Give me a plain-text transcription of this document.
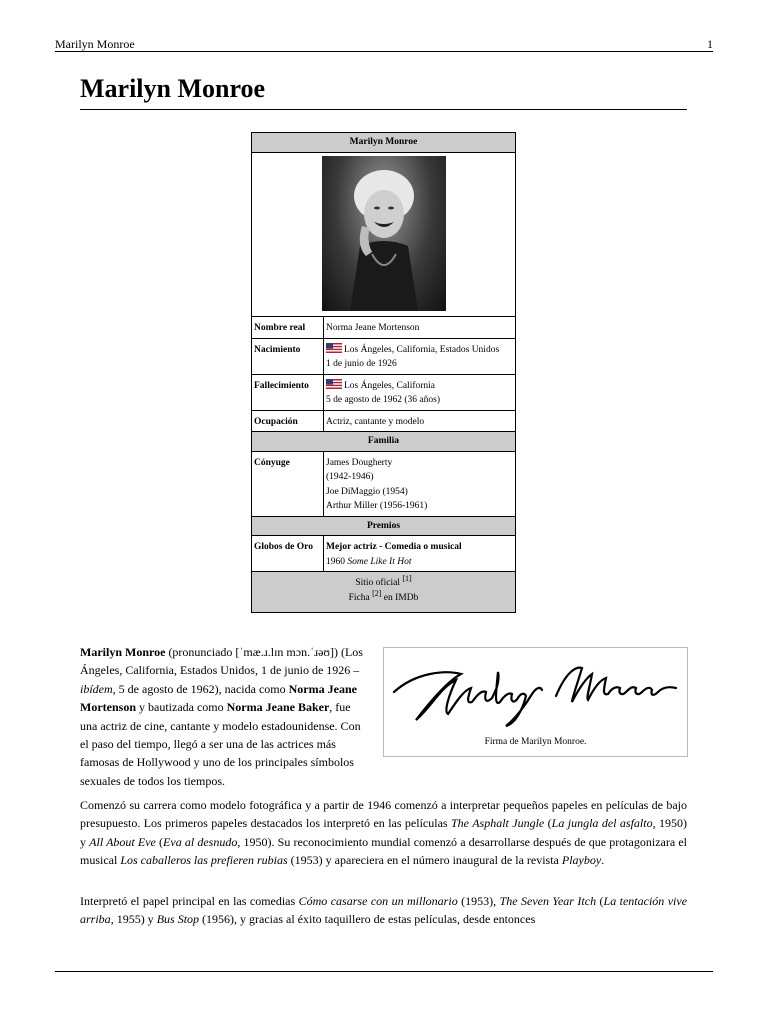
Marilyn Monroe	1
Marilyn Monroe
Marilyn Monroe	

Nombre real	Norma Jeane Mortenson
Nacimiento	Los Ángeles, California, Estados Unidos
1 de junio de 1926
Fallecimiento	Los Ángeles, California
5 de agosto de 1962 (36 años)
Ocupación	Actriz, cantante y modelo
Familia	
Cónyuge	James Dougherty
(1942-1946)
Joe DiMaggio (1954)
Arthur Miller (1956-1961)
Premios	
Globos de Oro	Mejor actriz - Comedia o musical
1960 Some Like It Hot
Sitio oficial [1]
Ficha [2] en IMDb	
Firma de Marilyn Monroe.

Marilyn Monroe (pronunciado [ˈmæ.ɹ.lɪn mɔn.ˈɹəʊ]) (Los Ángeles, California, Estados Unidos, 1 de junio de 1926 – ibídem, 5 de agosto de 1962), nacida como Norma Jeane Mortenson y bautizada como Norma Jeane Baker, fue una actriz de cine, cantante y modelo estadounidense. Con el paso del tiempo, llegó a ser una de las actrices más famosas de Hollywood y uno de los principales símbolos sexuales de todos los tiempos.

Comenzó su carrera como modelo fotográfica y a partir de 1946 comenzó a interpretar pequeños papeles en películas de bajo presupuesto. Los primeros papeles destacados los interpretó en las películas The Asphalt Jungle (La jungla del asfalto, 1950) y All About Eve (Eva al desnudo, 1950). Su reconocimiento mundial comenzó a desarrollarse después de que protagonizara el musical Los caballeros las prefieren rubias (1953) y apareciera en el número inaugural de la revista Playboy.

Interpretó el papel principal en las comedias Cómo casarse con un millonario (1953), The Seven Year Itch (La tentación vive arriba, 1955) y Bus Stop (1956), y gracias al éxito taquillero de estas películas, desde entonces
